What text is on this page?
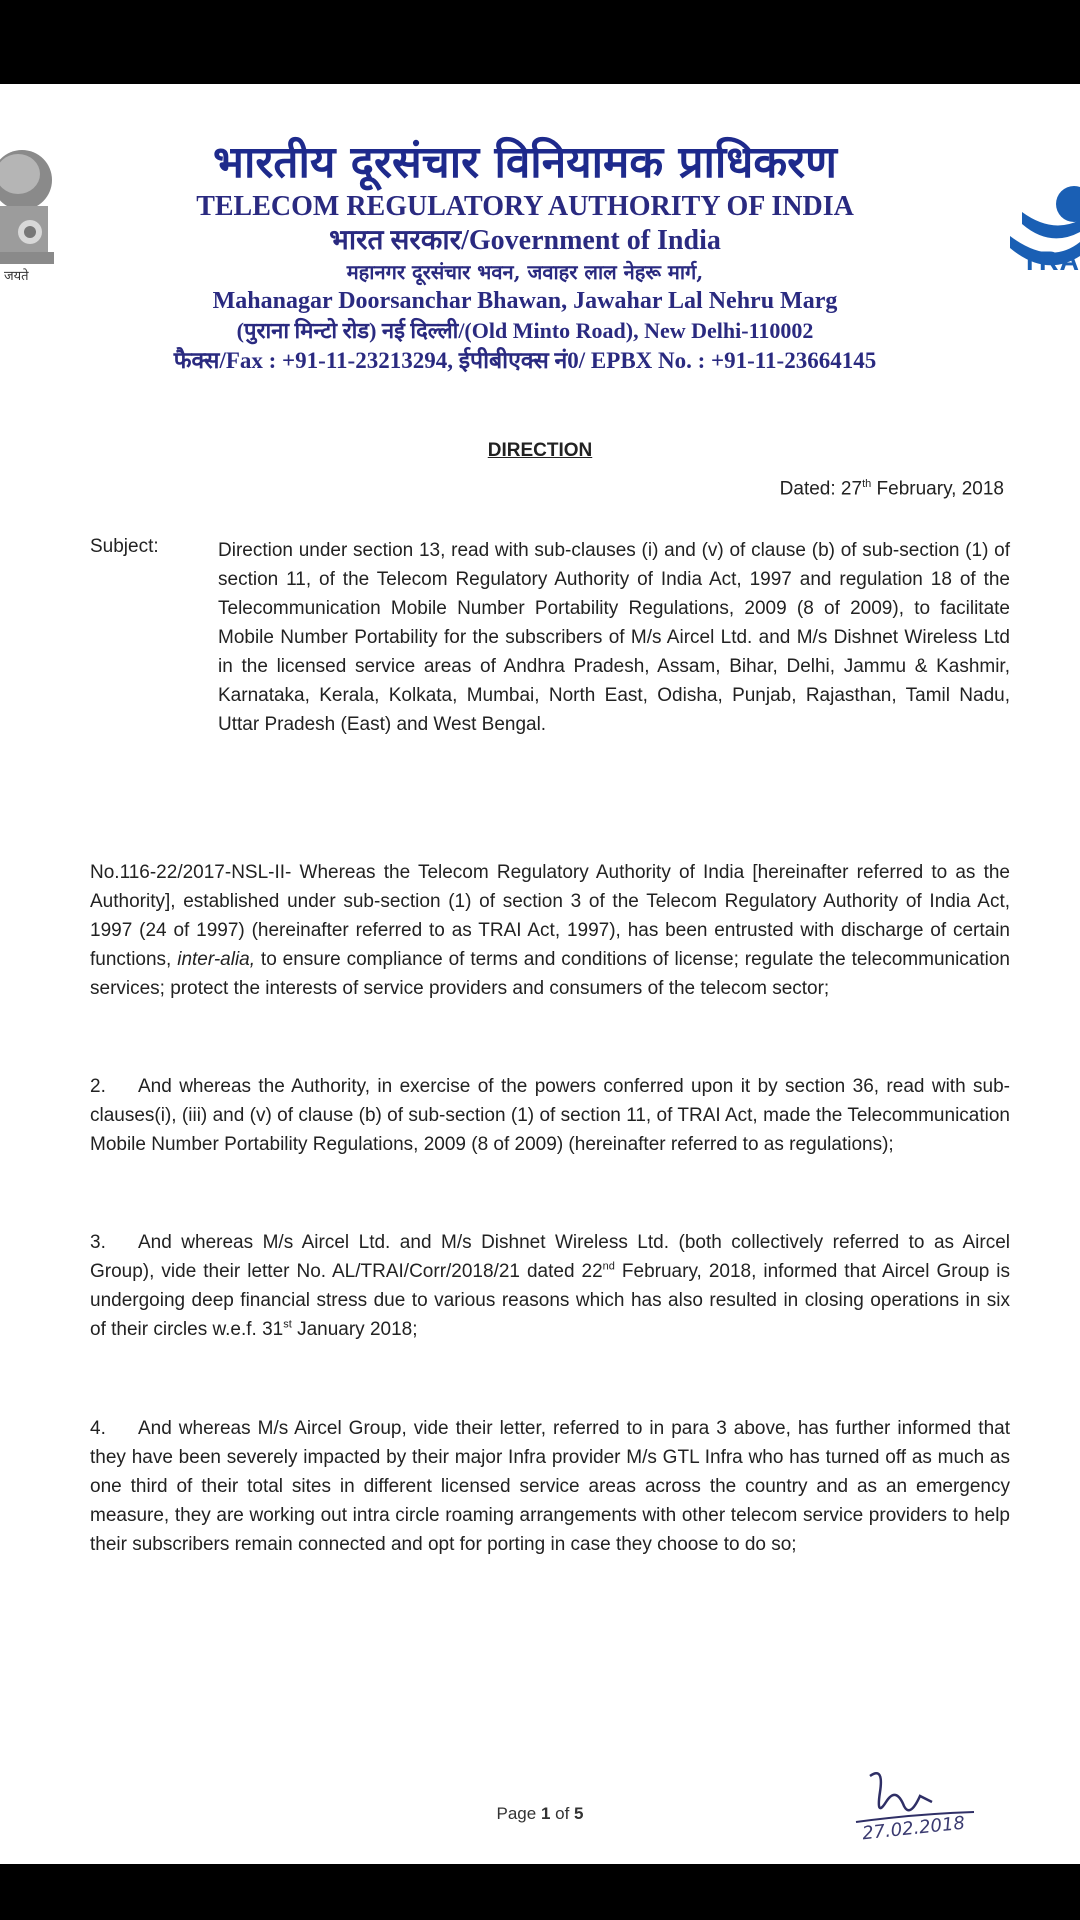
जयते
TRA
भारतीय दूरसंचार विनियामक प्राधिकरण
TELECOM REGULATORY AUTHORITY OF INDIA
भारत सरकार/Government of India
महानगर दूरसंचार भवन, जवाहर लाल नेहरू मार्ग,
Mahanagar Doorsanchar Bhawan, Jawahar Lal Nehru Marg
(पुराना मिन्टो रोड) नई दिल्ली/(Old Minto Road), New Delhi-110002
फैक्स/Fax : +91-11-23213294, ईपीबीएक्स नं0/ EPBX No. : +91-11-23664145
DIRECTION
Dated: 27th February, 2018
Subject:	Direction under section 13, read with sub-clauses (i) and (v) of clause (b) of sub-section (1) of section 11, of the Telecom Regulatory Authority of India Act, 1997 and regulation 18 of the Telecommunication Mobile Number Portability Regulations, 2009 (8 of 2009), to facilitate Mobile Number Portability for the subscribers of M/s Aircel Ltd. and M/s Dishnet Wireless Ltd in the licensed service areas of Andhra Pradesh, Assam, Bihar, Delhi, Jammu & Kashmir, Karnataka, Kerala, Kolkata, Mumbai, North East, Odisha, Punjab, Rajasthan, Tamil Nadu, Uttar Pradesh (East) and West Bengal.

No.116-22/2017-NSL-II- Whereas the Telecom Regulatory Authority of India [hereinafter referred to as the Authority], established under sub-section (1) of section 3 of the Telecom Regulatory Authority of India Act, 1997 (24 of 1997) (hereinafter referred to as TRAI Act, 1997), has been entrusted with discharge of certain functions, inter-alia, to ensure compliance of terms and conditions of license; regulate the telecommunication services; protect the interests of service providers and consumers of the telecom sector;

2. And whereas the Authority, in exercise of the powers conferred upon it by section 36, read with sub-clauses(i), (iii) and (v) of clause (b) of sub-section (1) of section 11, of TRAI Act, made the Telecommunication Mobile Number Portability Regulations, 2009 (8 of 2009) (hereinafter referred to as regulations);

3. And whereas M/s Aircel Ltd. and M/s Dishnet Wireless Ltd. (both collectively referred to as Aircel Group), vide their letter No. AL/TRAI/Corr/2018/21 dated 22nd February, 2018, informed that Aircel Group is undergoing deep financial stress due to various reasons which has also resulted in closing operations in six of their circles w.e.f. 31st January 2018;

4. And whereas M/s Aircel Group, vide their letter, referred to in para 3 above, has further informed that they have been severely impacted by their major Infra provider M/s GTL Infra who has turned off as much as one third of their total sites in different licensed service areas across the country and as an emergency measure, they are working out intra circle roaming arrangements with other telecom service providers to help their subscribers remain connected and opt for porting in case they choose to do so;

Page 1 of 5	27.02.2018
